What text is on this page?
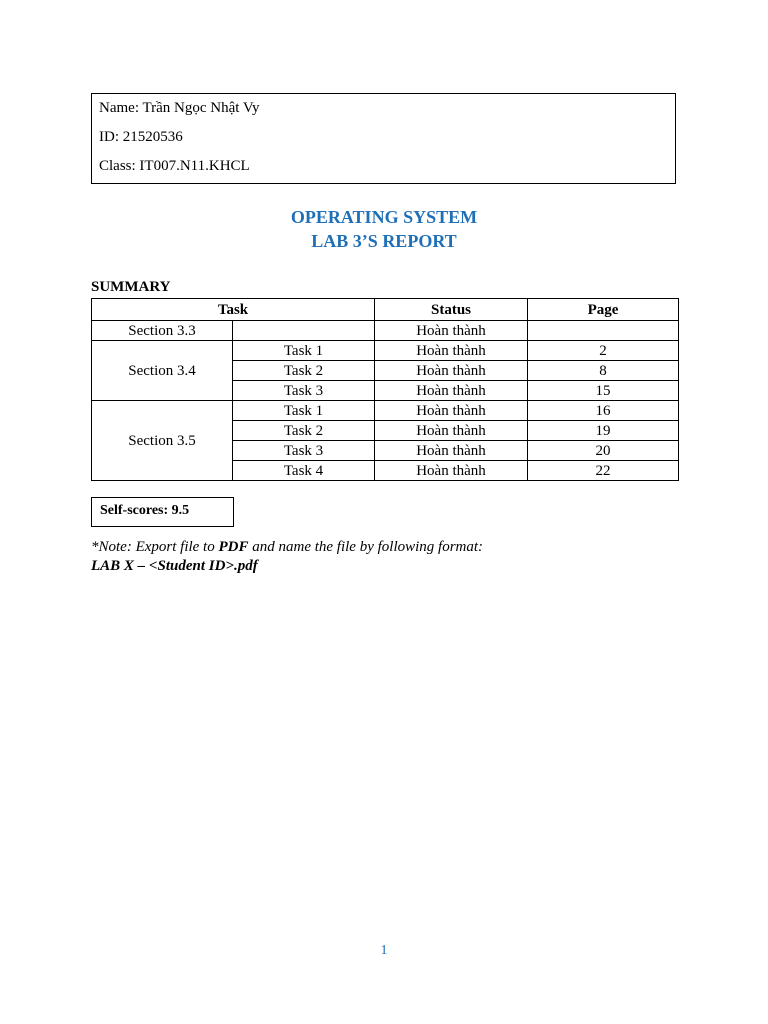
Name: Trần Ngọc Nhật Vy
ID: 21520536
Class: IT007.N11.KHCL
OPERATING SYSTEM
LAB 3’S REPORT
SUMMARY
Task		Status	Page
Section 3.3		Hoàn thành	
Section 3.4	Task 1	Hoàn thành	2
	Task 2	Hoàn thành	8
	Task 3	Hoàn thành	15
Section 3.5	Task 1	Hoàn thành	16
	Task 2	Hoàn thành	19
	Task 3	Hoàn thành	20
	Task 4	Hoàn thành	22
Self-scores: 9.5
*Note: Export file to PDF and name the file by following format:
LAB X – <Student ID>.pdf
1
